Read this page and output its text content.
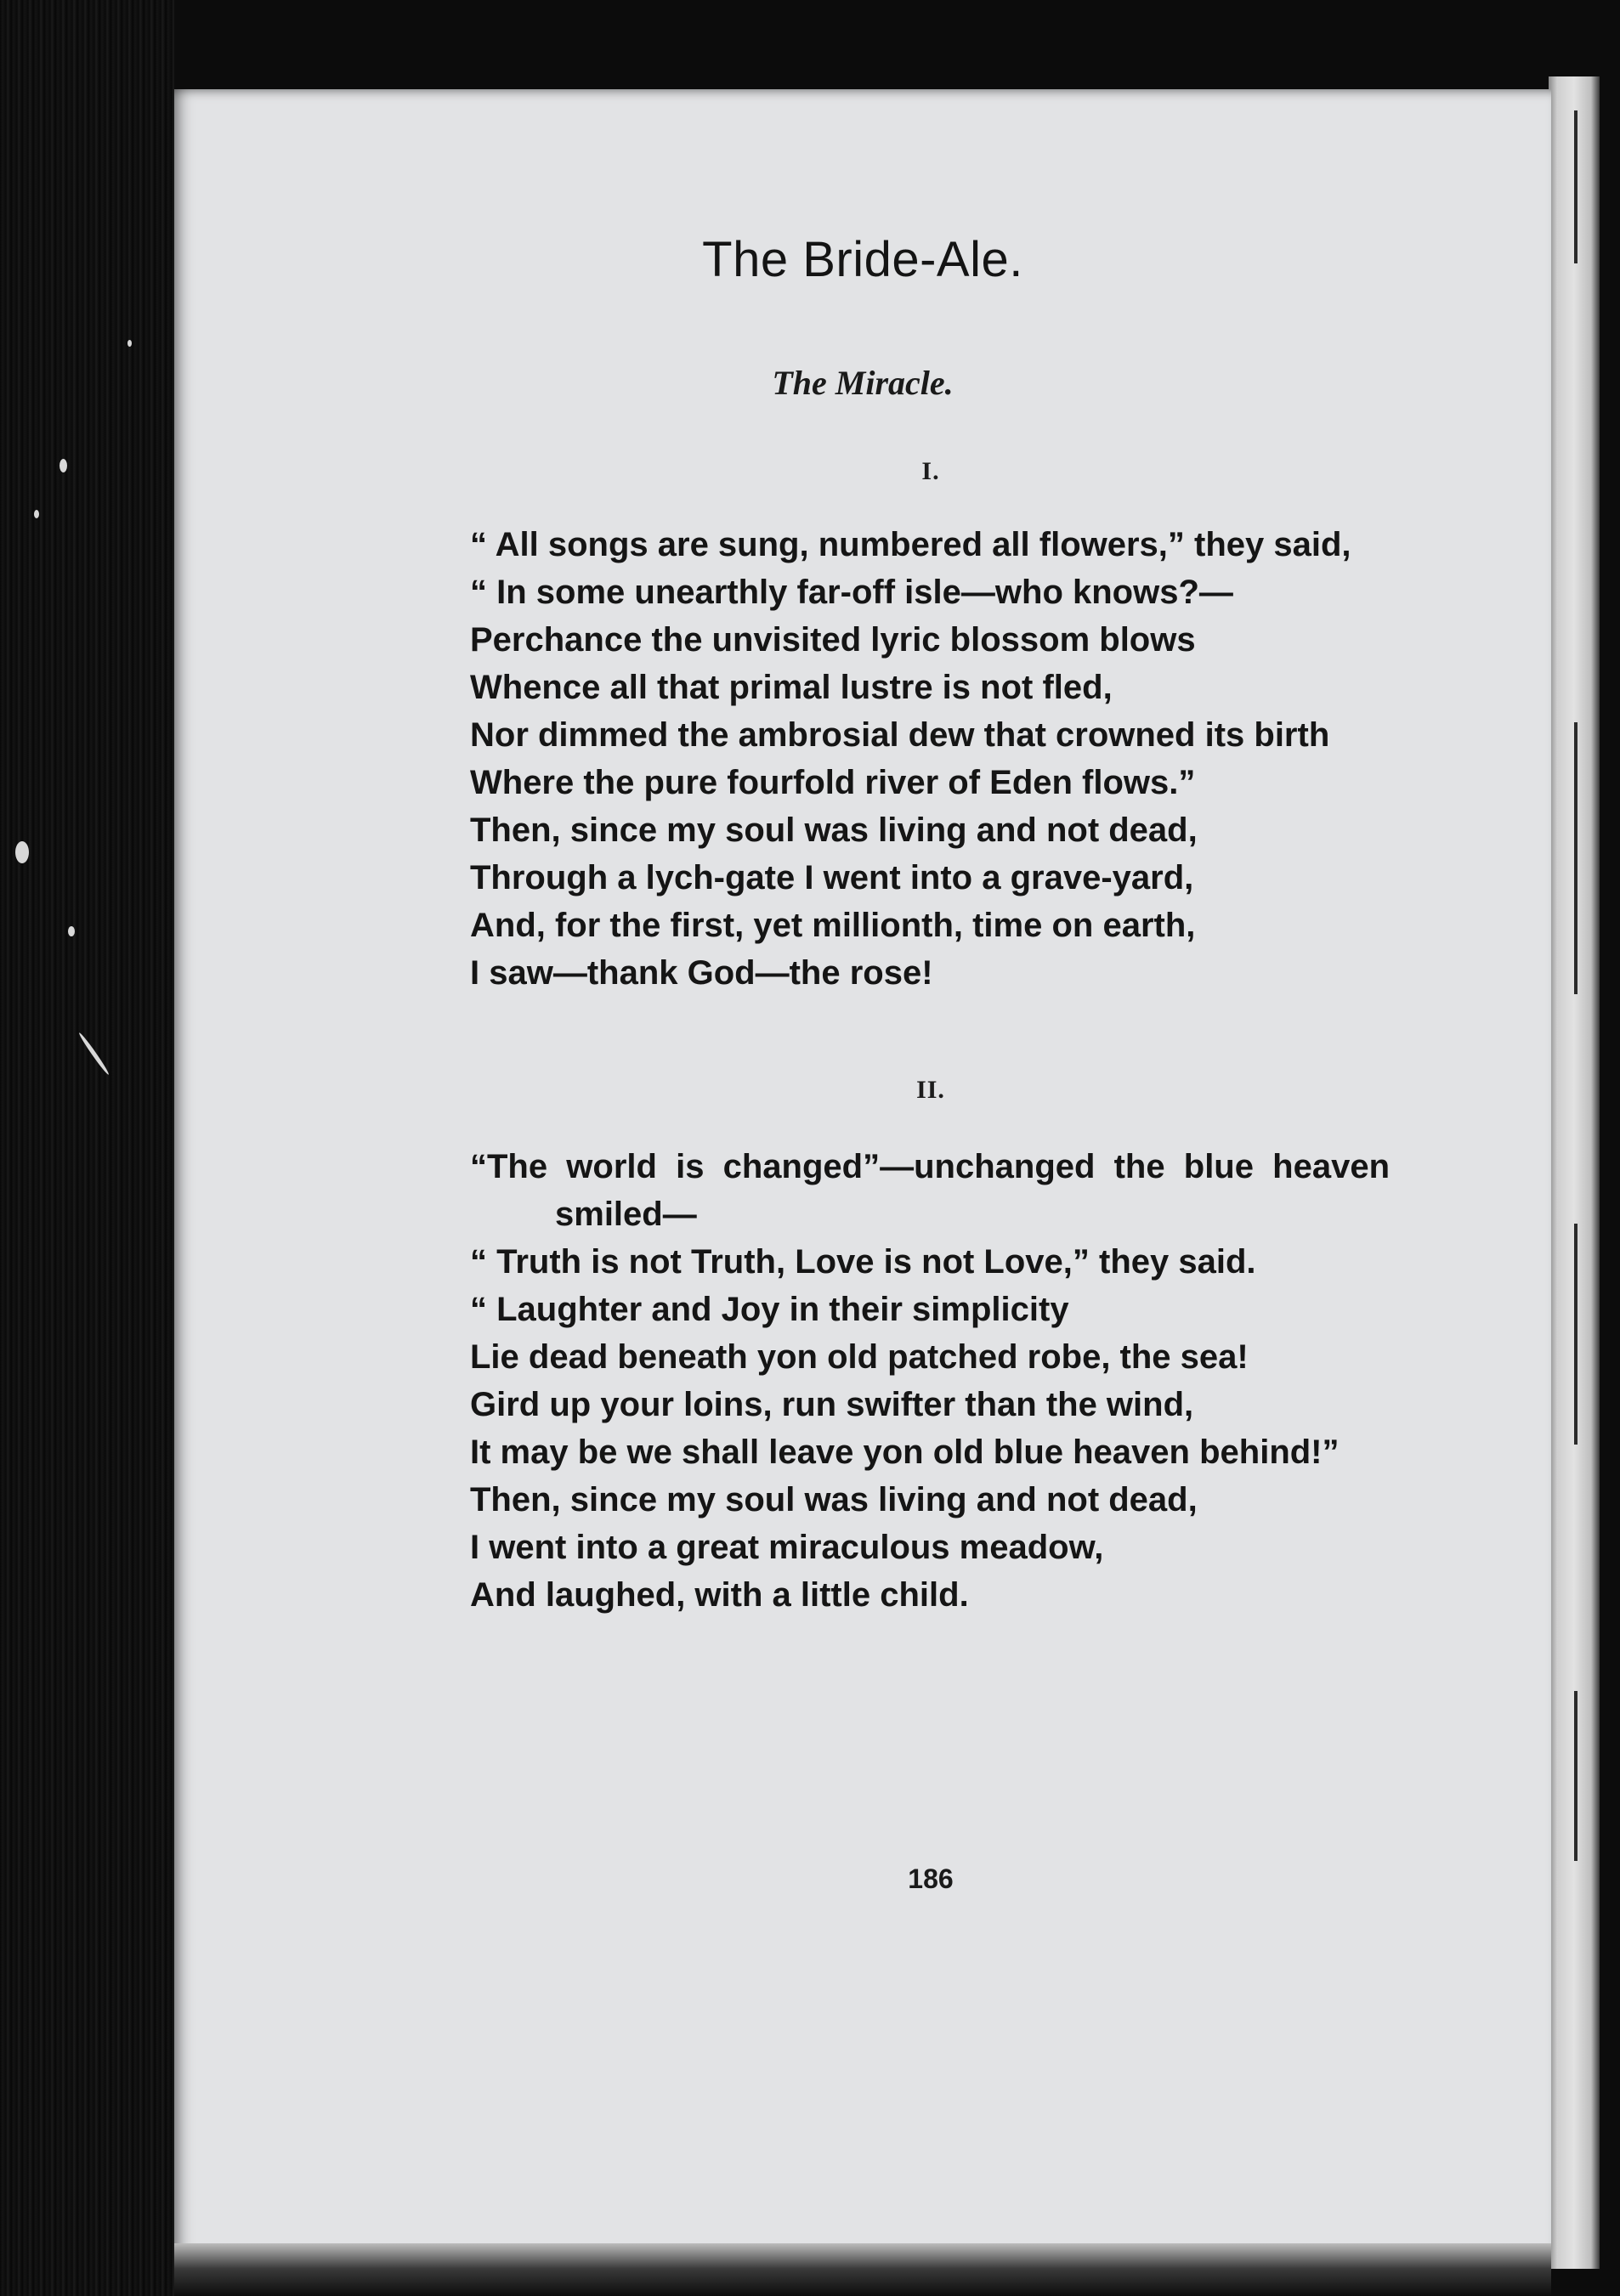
The Bride-Ale.
The Miracle.
I.
“ All songs are sung, numbered all flowers,” they said,
“ In some unearthly far-off isle—who knows?—
Perchance the unvisited lyric blossom blows
Whence all that primal lustre is not fled,
Nor dimmed the ambrosial dew that crowned its birth
Where the pure fourfold river of Eden flows.”
Then, since my soul was living and not dead,
Through a lych-gate I went into a grave-yard,
And, for the first, yet millionth, time on earth,
I saw—thank God—the rose!
II.
“The world is changed”—unchanged the blue heaven
smiled—
“ Truth is not Truth, Love is not Love,” they said.
“ Laughter and Joy in their simplicity
Lie dead beneath yon old patched robe, the sea!
Gird up your loins, run swifter than the wind,
It may be we shall leave yon old blue heaven behind!”
Then, since my soul was living and not dead,
I went into a great miraculous meadow,
And laughed, with a little child.
186
